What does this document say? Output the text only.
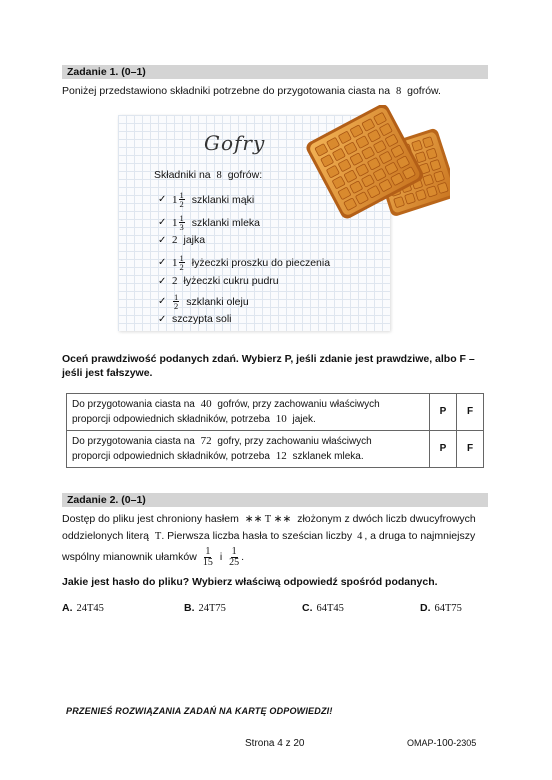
Zadanie 1. (0–1)
Poniżej przedstawiono składniki potrzebne do przygotowania ciasta na 8 gofrów.
Gofry
Składniki na 8 gofrów:
✓ $1 \frac{1}{2}$ szklanki mąki
✓ $1 \frac{1}{3}$ szklanki mleka
✓ 2 jajka
✓ $1 \frac{1}{2}$ łyżeczki proszku do pieczenia
✓ 2 łyżeczki cukru pudru
✓ $\frac{1}{2}$ szklanki oleju
✓ szczypta soli
Oceń prawdziwość podanych zdań. Wybierz P, jeśli zdanie jest prawdziwe, albo F –
jeśli jest fałszywe.
Do przygotowania ciasta na 40 gofrów, przy zachowaniu właściwych
proporcji odpowiednich składników, potrzeba 10 jajek.	P	F
Do przygotowania ciasta na 72 gofry, przy zachowaniu właściwych
proporcji odpowiednich składników, potrzeba 12 szklanek mleka.	P	F
Zadanie 2. (0–1)
Dostęp do pliku jest chroniony hasłem ∗∗ T ∗∗ złożonym z dwóch liczb dwucyfrowych
oddzielonych literą T. Pierwsza liczba hasła to sześcian liczby 4 , a druga to najmniejszy
wspólny mianownik ułamków $\frac{1}{15}$ i $\frac{1}{25}$ .
Jakie jest hasło do pliku? Wybierz właściwą odpowiedź spośród podanych.
A. 24T45	B. 24T75	C. 64T45	D. 64T75
PRZENIEŚ ROZWIĄZANIA ZADAŃ NA KARTĘ ODPOWIEDZI!
Strona 4 z 20	OMAP-100-2305
